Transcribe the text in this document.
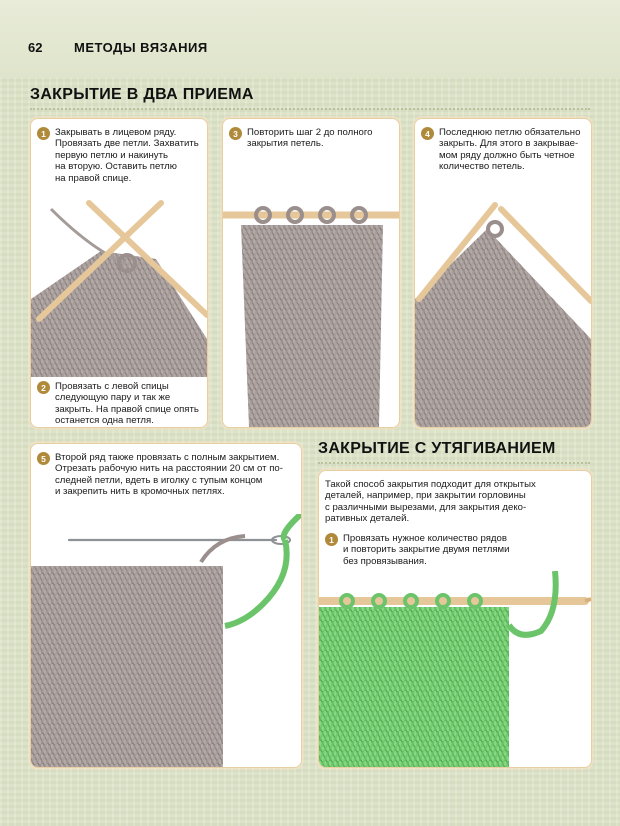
62 МЕТОДЫ ВЯЗАНИЯ
ЗАКРЫТИЕ В ДВА ПРИЕМА
1 Закрывать в лицевом ряду.
Провязать две петли. Захватить
первую петлю и накинуть
на вторую. Оставить петлю
на правой спице.
2 Провязать с левой спицы
следующую пару и так же
закрыть. На правой спице опять
останется одна петля.
3 Повторить шаг 2 до полного
закрытия петель.
4 Последнюю петлю обязательно
закрыть. Для этого в закрывае-
мом ряду должно быть четное
количество петель.
5 Второй ряд также провязать с полным закрытием.
Отрезать рабочую нить на расстоянии 20 см от по-
следней петли, вдеть в иголку с тупым концом
и закрепить нить в кромочных петлях.
ЗАКРЫТИЕ С УТЯГИВАНИЕМ
Такой способ закрытия подходит для открытых
деталей, например, при закрытии горловины
с различными вырезами, для закрытия деко-
ративных деталей.
1 Провязать нужное количество рядов
и повторить закрытие двумя петлями
без провязывания.
